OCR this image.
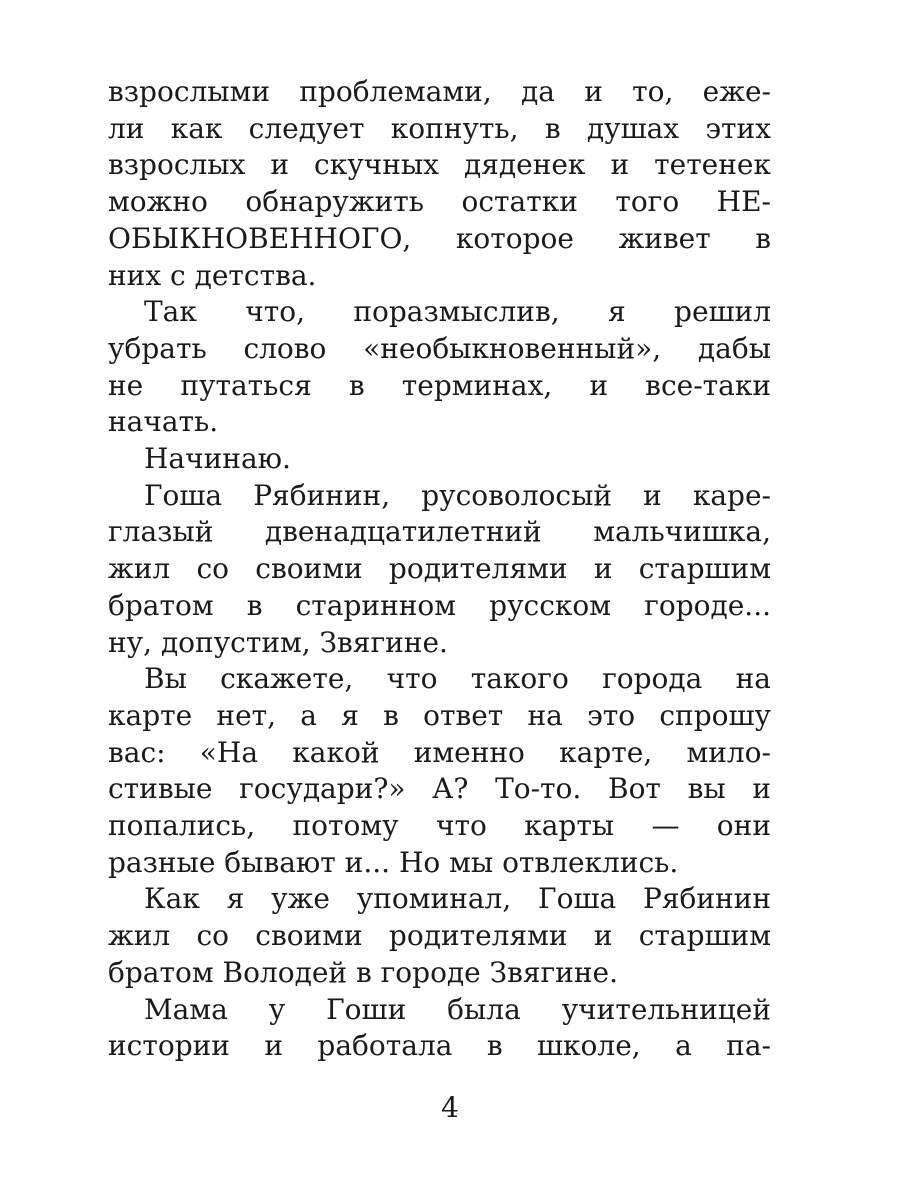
взрослыми проблемами, да и то, еже-
ли как следует копнуть, в душах этих
взрослых и скучных дяденек и тетенек
можно обнаружить остатки того НЕ-
ОБЫКНОВЕННОГО, которое живет в
них с детства.
Так что, поразмыслив, я решил
убрать слово «необыкновенный», дабы
не путаться в терминах, и все-таки
начать.
Начинаю.
Гоша Рябинин, русоволосый и каре-
глазый двенадцатилетний мальчишка,
жил со своими родителями и старшим
братом в старинном русском городе...
ну, допустим, Звягине.
Вы скажете, что такого города на
карте нет, а я в ответ на это спрошу
вас: «На какой именно карте, мило-
стивые государи?» А? То-то. Вот вы и
попались, потому что карты — они
разные бывают и... Но мы отвлеклись.
Как я уже упоминал, Гоша Рябинин
жил со своими родителями и старшим
братом Володей в городе Звягине.
Мама у Гоши была учительницей
истории и работала в школе, а па-
4
